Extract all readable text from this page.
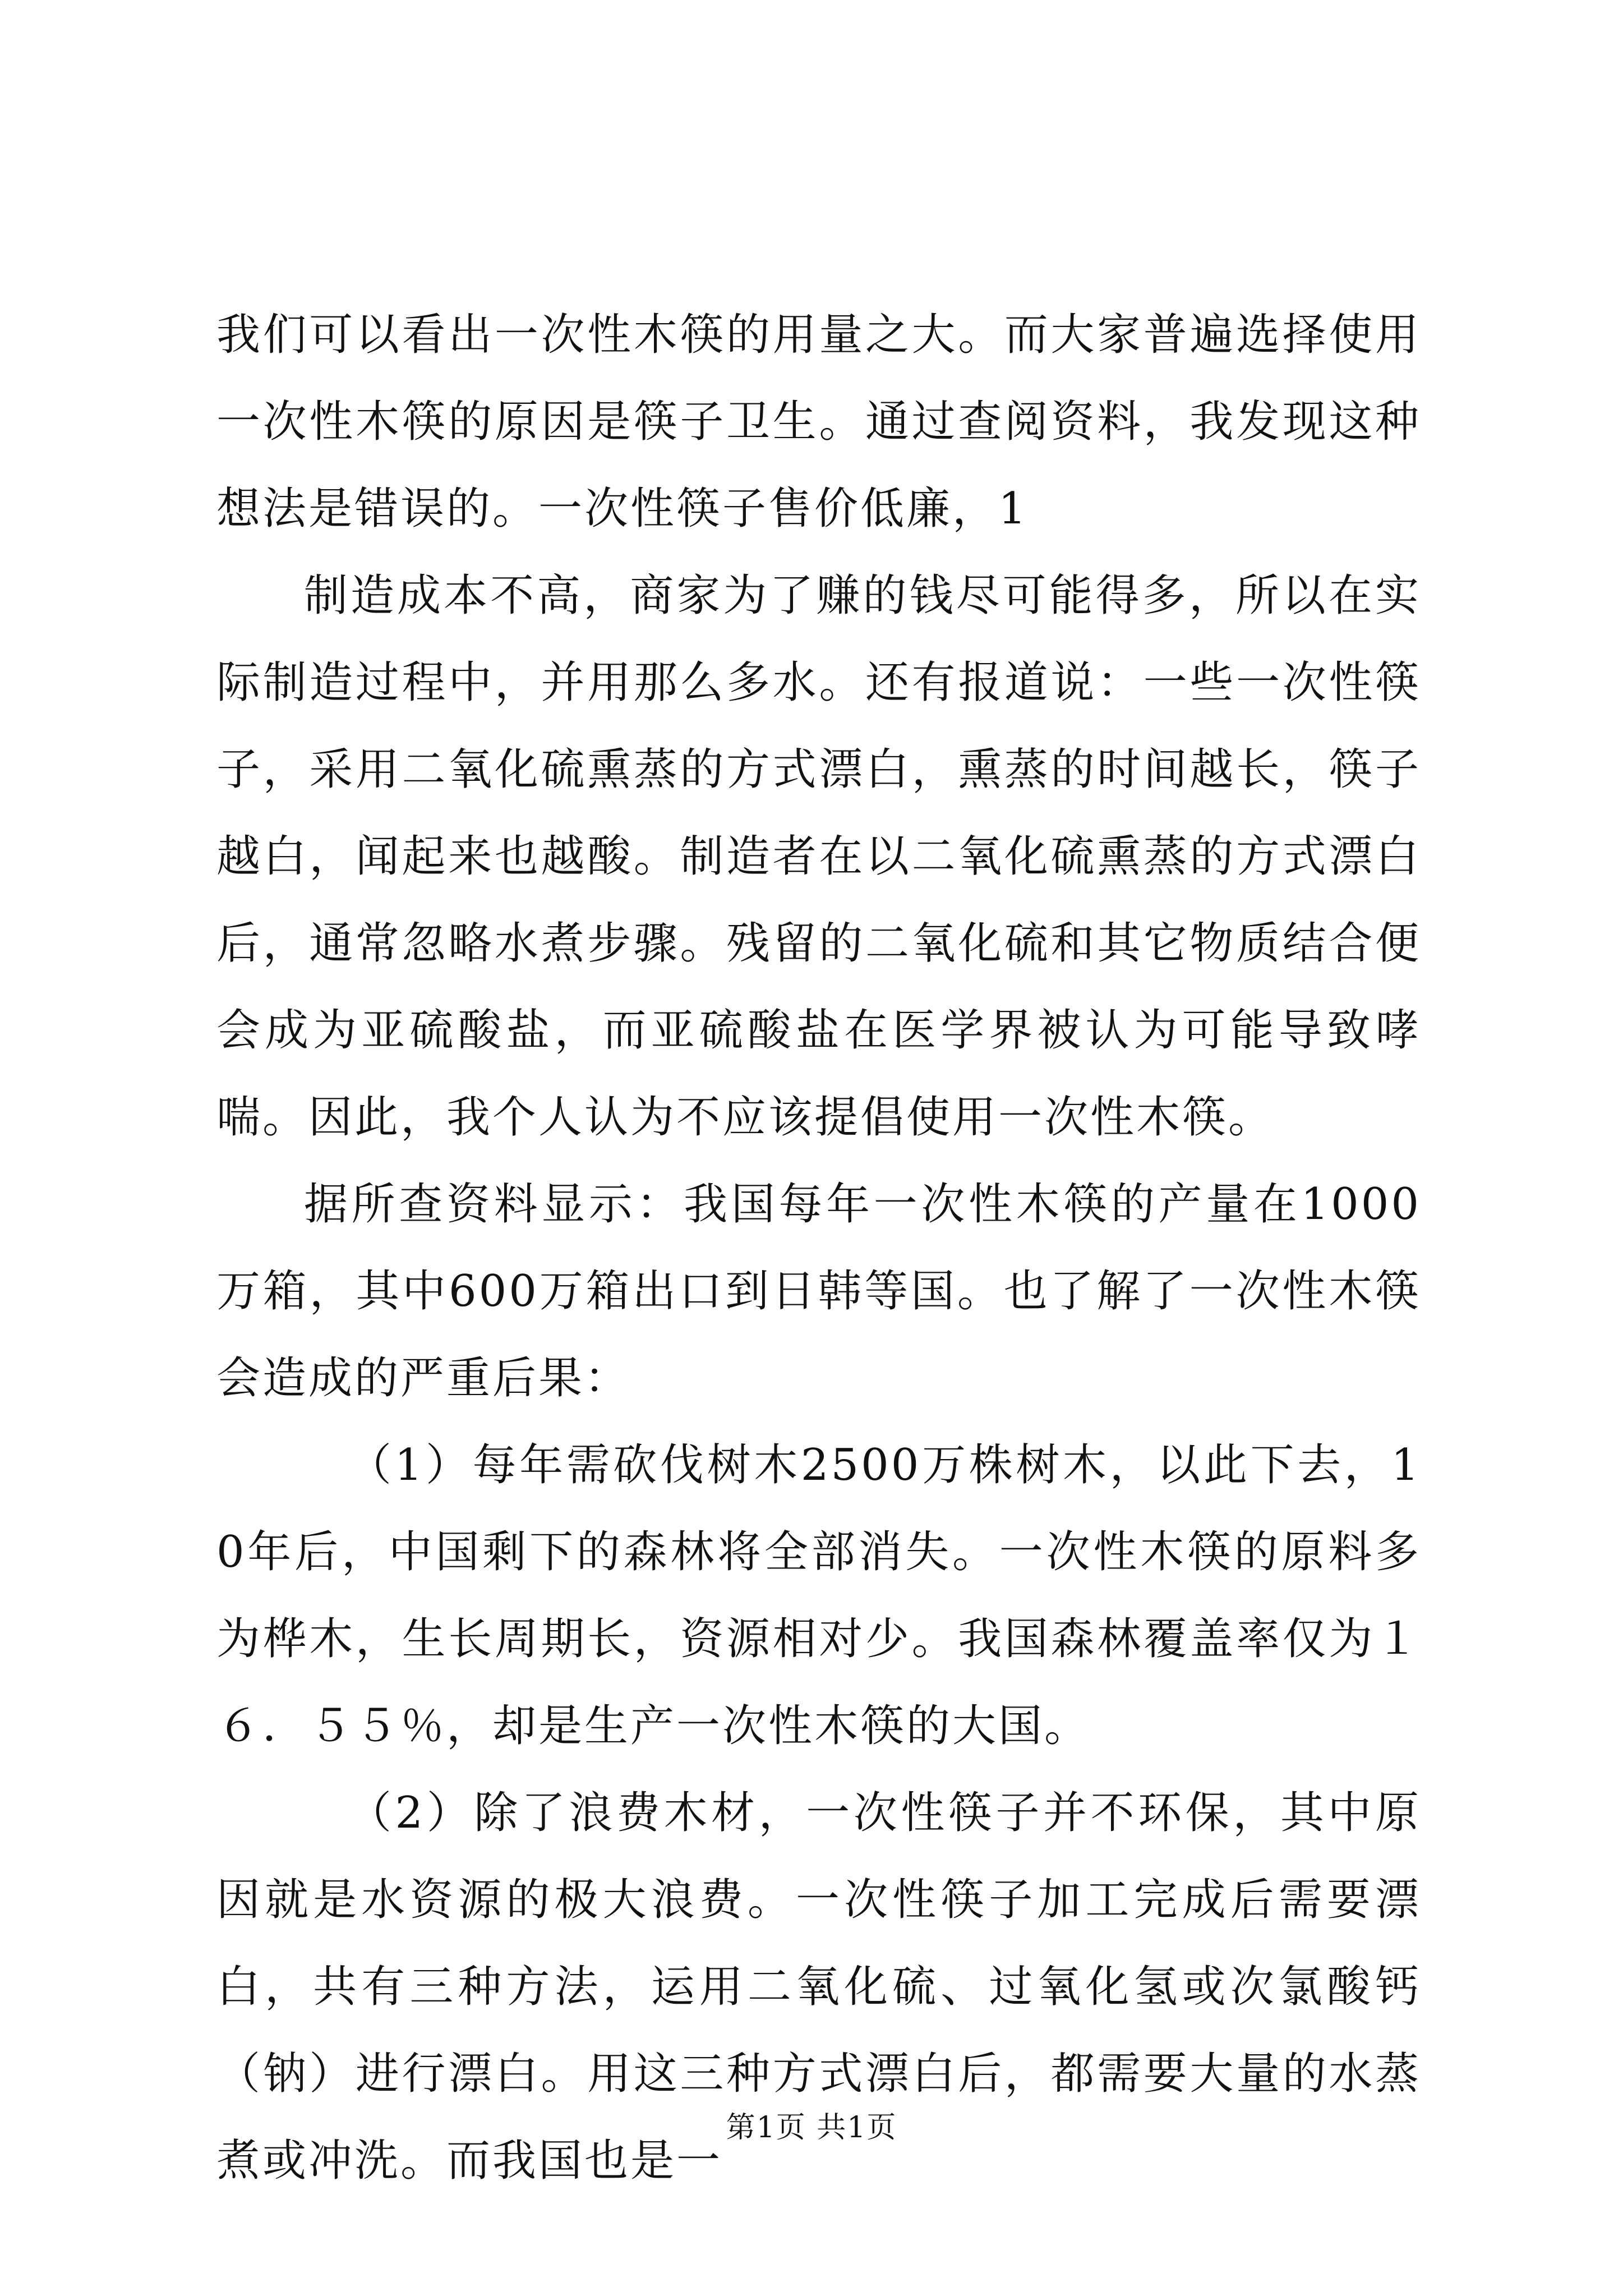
我们可以看出一次性木筷的用量之大。而大家普遍选择使用一次性木筷的原因是筷子卫生。通过查阅资料，我发现这种想法是错误的。一次性筷子售价低廉，1

制造成本不高，商家为了赚的钱尽可能得多，所以在实际制造过程中，并用那么多水。还有报道说：一些一次性筷子，采用二氧化硫熏蒸的方式漂白，熏蒸的时间越长，筷子越白，闻起来也越酸。制造者在以二氧化硫熏蒸的方式漂白后，通常忽略水煮步骤。残留的二氧化硫和其它物质结合便会成为亚硫酸盐，而亚硫酸盐在医学界被认为可能导致哮喘。因此，我个人认为不应该提倡使用一次性木筷。

据所查资料显示：我国每年一次性木筷的产量在1000万箱，其中600万箱出口到日韩等国。也了解了一次性木筷会造成的严重后果：

（1）每年需砍伐树木2500万株树木，以此下去，10年后，中国剩下的森林将全部消失。一次性木筷的原料多为桦木，生长周期长，资源相对少。我国森林覆盖率仅为１６．５５％，却是生产一次性木筷的大国。

（2）除了浪费木材，一次性筷子并不环保，其中原因就是水资源的极大浪费。一次性筷子加工完成后需要漂白，共有三种方法，运用二氧化硫、过氧化氢或次氯酸钙（钠）进行漂白。用这三种方式漂白后，都需要大量的水蒸煮或冲洗。而我国也是一

第1页 共1页
